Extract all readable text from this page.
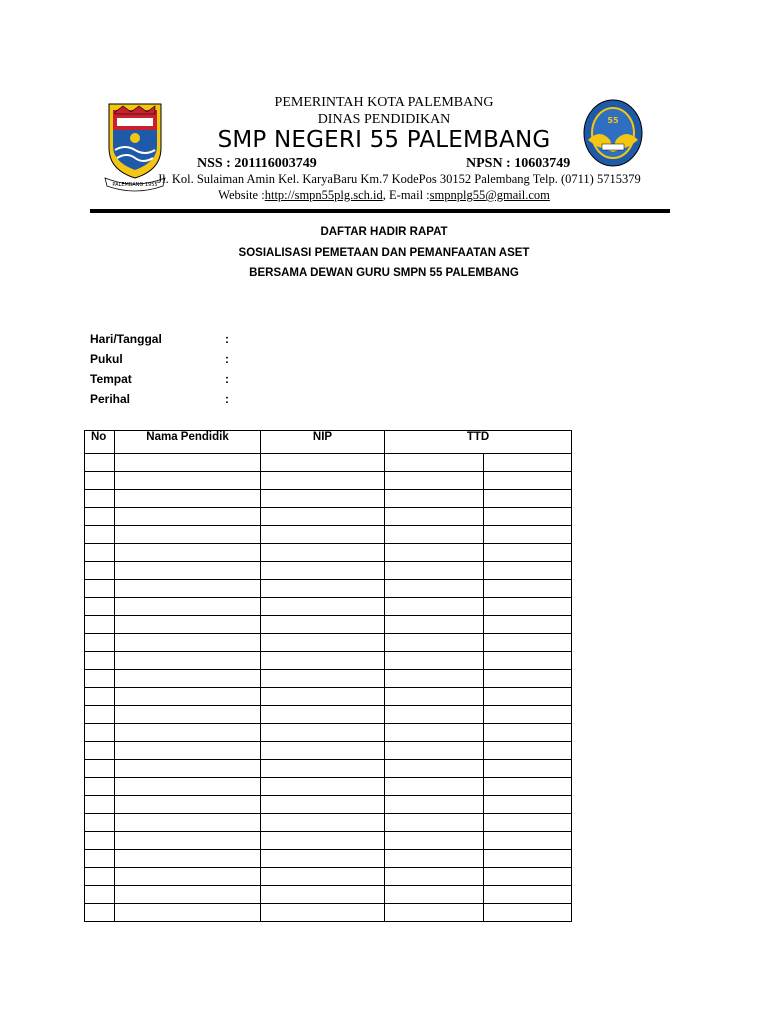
PALEMBANG 1955
55
PEMERINTAH KOTA PALEMBANG
DINAS PENDIDIKAN
SMP NEGERI 55 PALEMBANG
NSS : 201116003749	NPSN : 10603749
Jl. Kol. Sulaiman Amin Kel. KaryaBaru Km.7 KodePos 30152 Palembang Telp. (0711) 5715379
Website :http://smpn55plg.sch.id, E-mail :smpnplg55@gmail.com
DAFTAR HADIR RAPAT
SOSIALISASI PEMETAAN DAN PEMANFAATAN ASET
BERSAMA DEWAN GURU SMPN 55 PALEMBANG
Hari/Tanggal	:
Pukul	:
Tempat	:
Perihal	:
No	Nama Pendidik	NIP	TTD	
